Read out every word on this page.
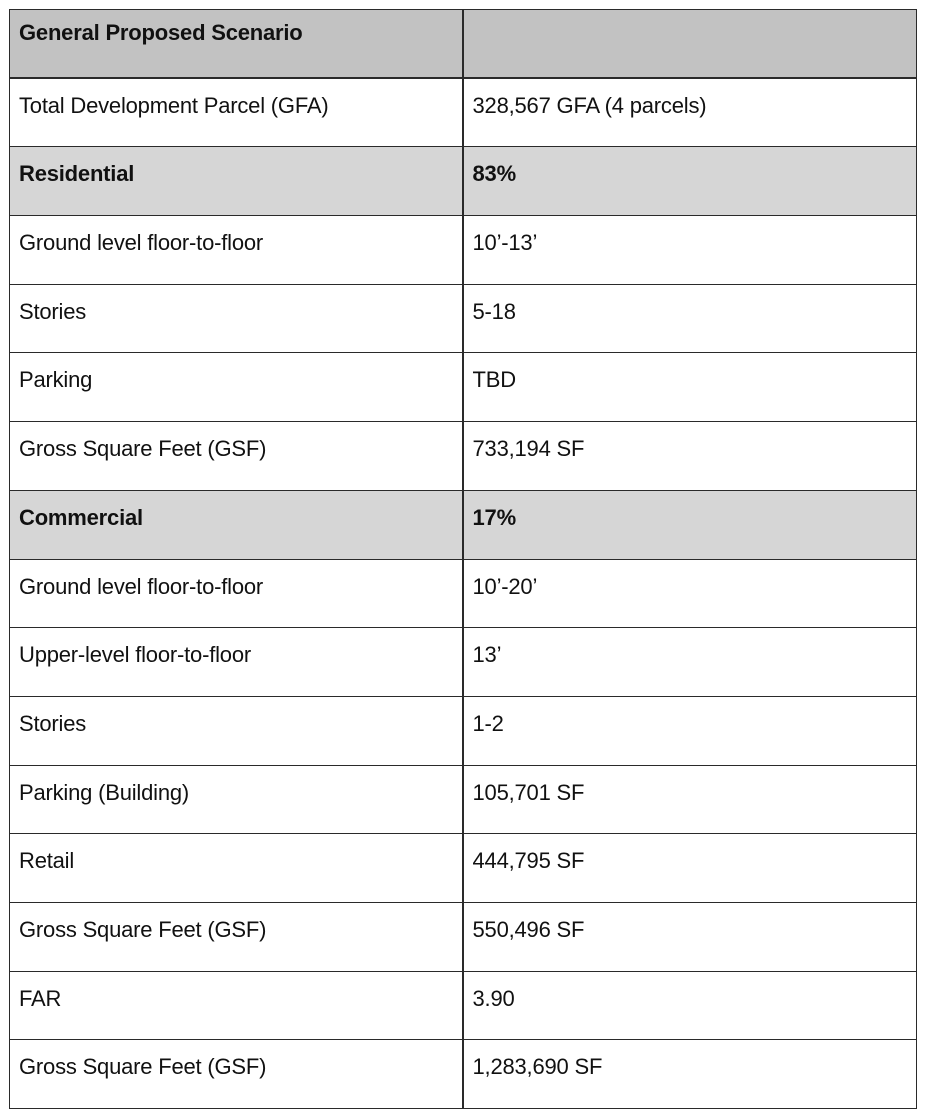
General Proposed Scenario	
Total Development Parcel (GFA)	328,567 GFA (4 parcels)
Residential	83%
Ground level floor-to-floor	10’-13’
Stories	5-18
Parking	TBD
Gross Square Feet (GSF)	733,194 SF
Commercial	17%
Ground level floor-to-floor	10’-20’
Upper-level floor-to-floor	13’
Stories	1-2
Parking (Building)	105,701 SF
Retail	444,795 SF
Gross Square Feet (GSF)	550,496 SF
FAR	3.90
Gross Square Feet (GSF)	1,283,690 SF
